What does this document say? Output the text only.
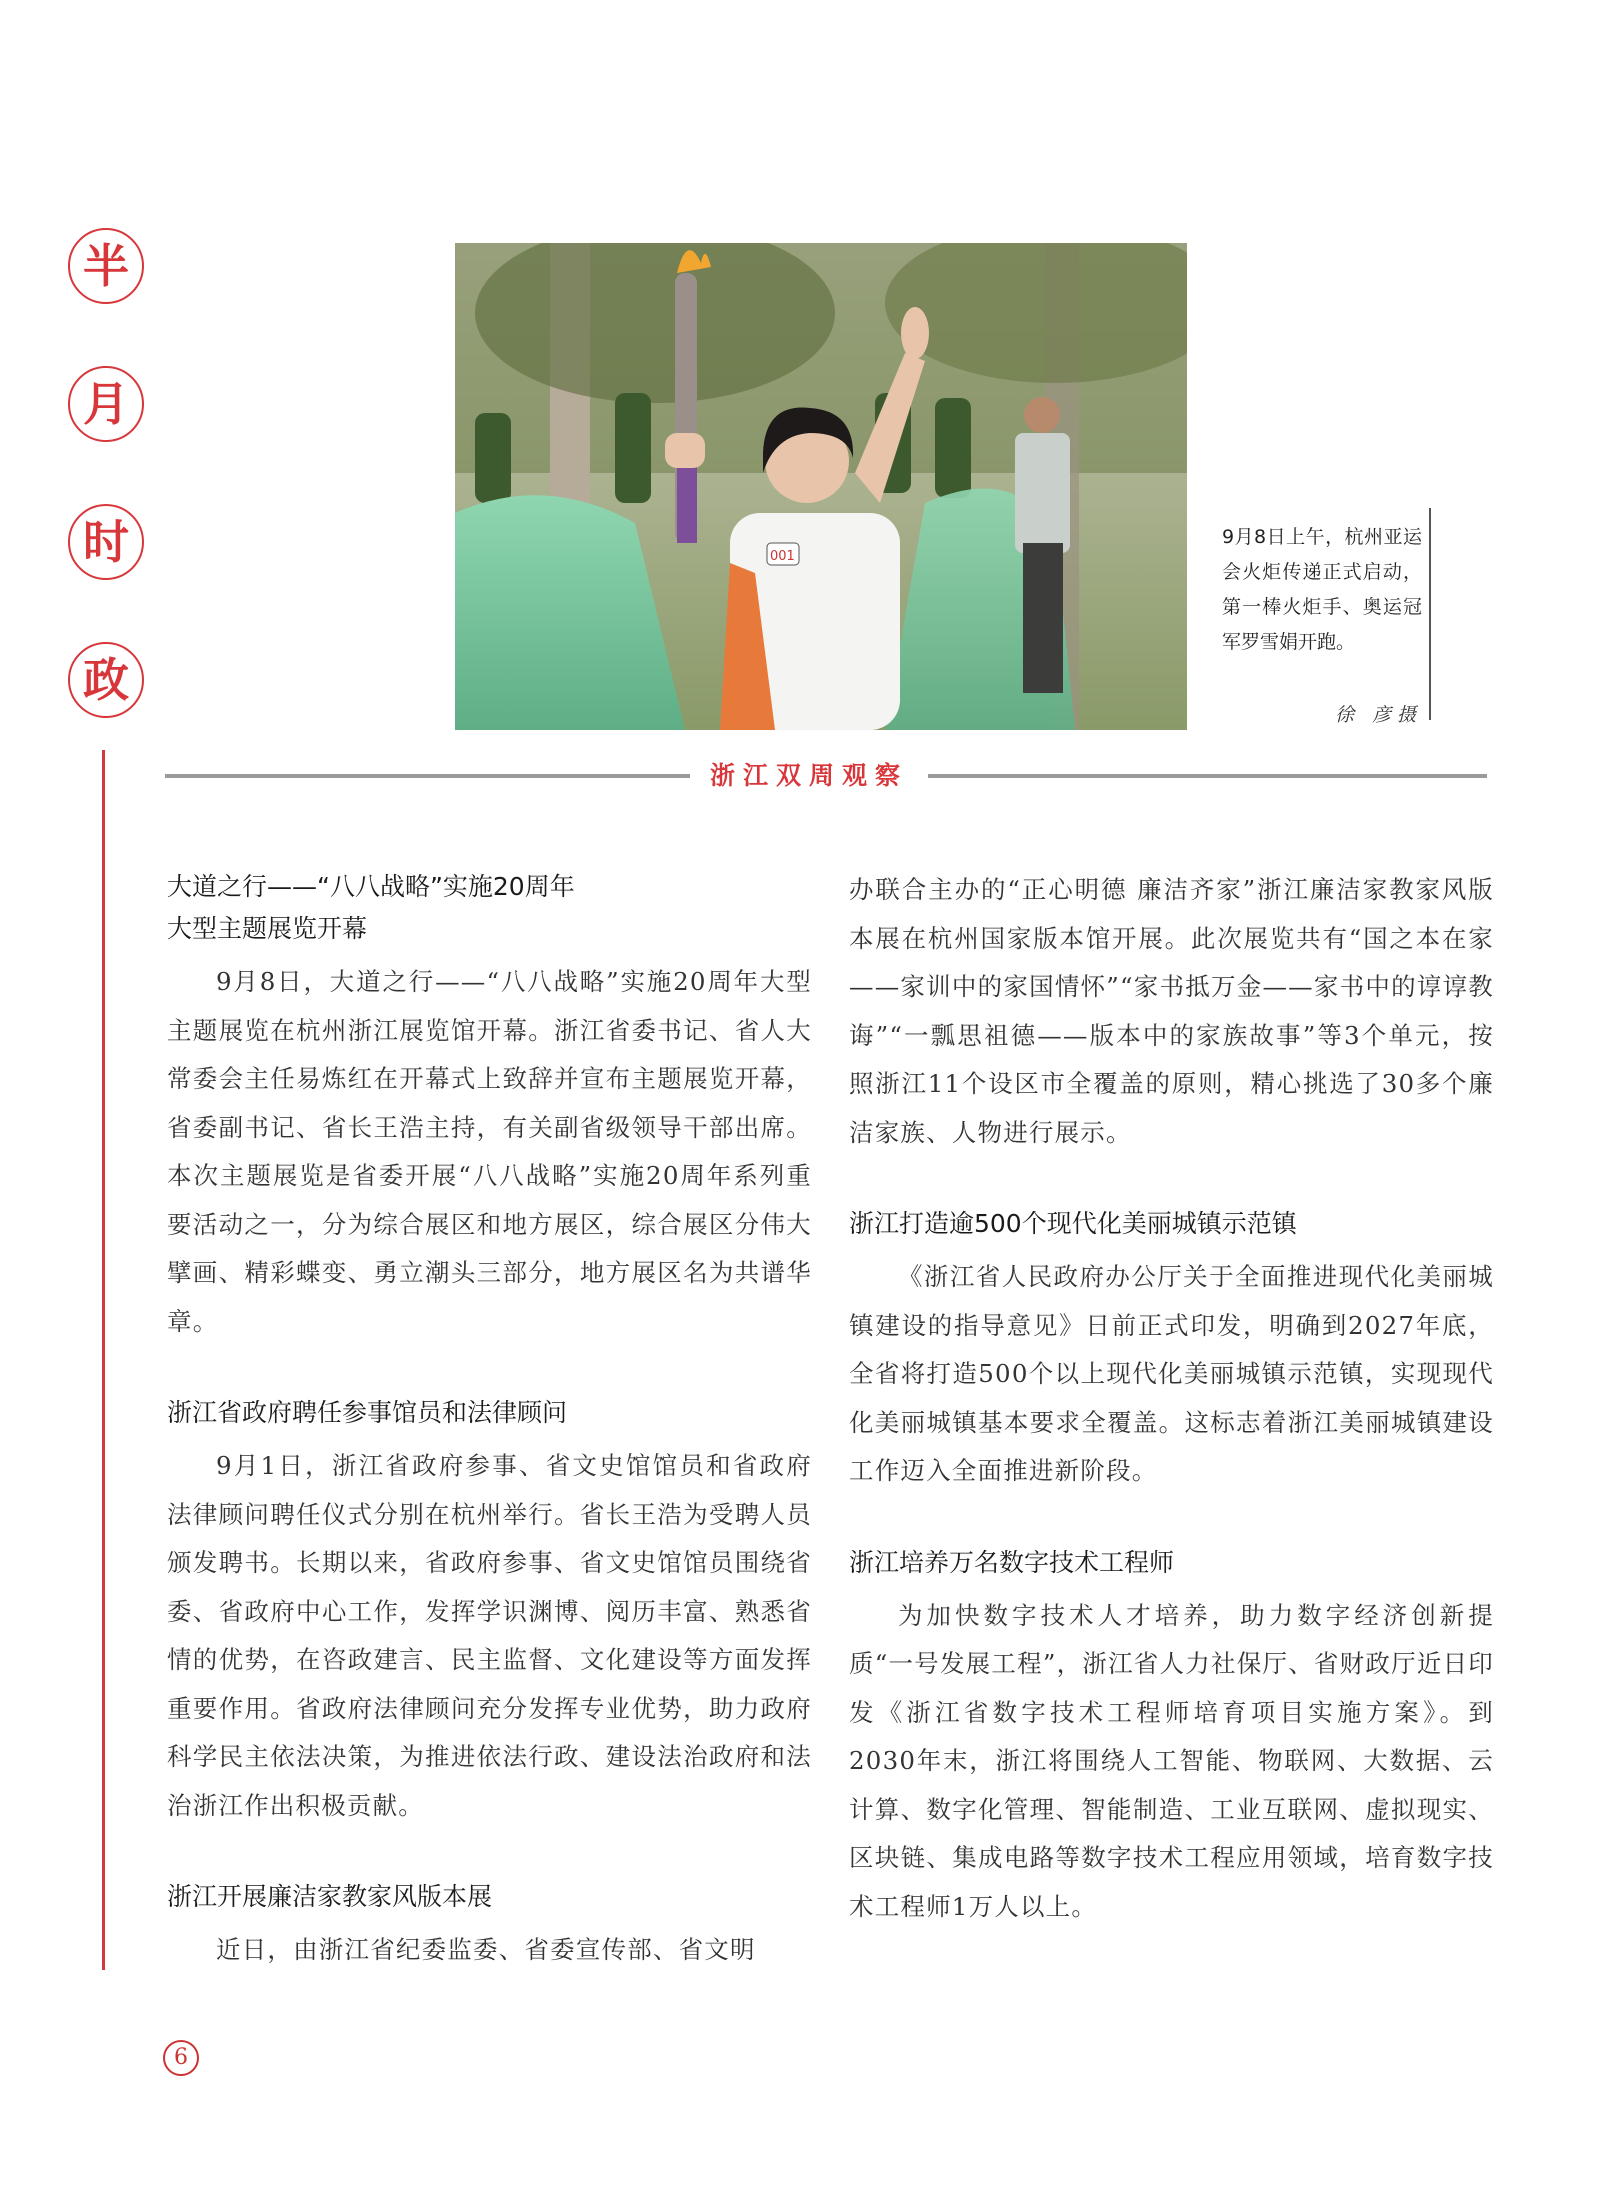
半
月
时
政
001
9月8日上午，杭州亚运会火炬传递正式启动，第一棒火炬手、奥运冠军罗雪娟开跑。
徐 彦摄
浙江双周观察
大道之行——“八八战略”实施20周年
大型主题展览开幕

9月8日，大道之行——“八八战略”实施20周年大型主题展览在杭州浙江展览馆开幕。浙江省委书记、省人大常委会主任易炼红在开幕式上致辞并宣布主题展览开幕，省委副书记、省长王浩主持，有关副省级领导干部出席。本次主题展览是省委开展“八八战略”实施20周年系列重要活动之一，分为综合展区和地方展区，综合展区分伟大擘画、精彩蝶变、勇立潮头三部分，地方展区名为共谱华章。

浙江省政府聘任参事馆员和法律顾问

9月1日，浙江省政府参事、省文史馆馆员和省政府法律顾问聘任仪式分别在杭州举行。省长王浩为受聘人员颁发聘书。长期以来，省政府参事、省文史馆馆员围绕省委、省政府中心工作，发挥学识渊博、阅历丰富、熟悉省情的优势，在咨政建言、民主监督、文化建设等方面发挥重要作用。省政府法律顾问充分发挥专业优势，助力政府科学民主依法决策，为推进依法行政、建设法治政府和法治浙江作出积极贡献。

浙江开展廉洁家教家风版本展

近日，由浙江省纪委监委、省委宣传部、省文明

办联合主办的“正心明德 廉洁齐家”浙江廉洁家教家风版本展在杭州国家版本馆开展。此次展览共有“国之本在家——家训中的家国情怀”“家书抵万金——家书中的谆谆教诲”“一瓢思祖德——版本中的家族故事”等3个单元，按照浙江11个设区市全覆盖的原则，精心挑选了30多个廉洁家族、人物进行展示。

浙江打造逾500个现代化美丽城镇示范镇

《浙江省人民政府办公厅关于全面推进现代化美丽城镇建设的指导意见》日前正式印发，明确到2027年底，全省将打造500个以上现代化美丽城镇示范镇，实现现代化美丽城镇基本要求全覆盖。这标志着浙江美丽城镇建设工作迈入全面推进新阶段。

浙江培养万名数字技术工程师

为加快数字技术人才培养，助力数字经济创新提质“一号发展工程”，浙江省人力社保厅、省财政厅近日印发《浙江省数字技术工程师培育项目实施方案》。到2030年末，浙江将围绕人工智能、物联网、大数据、云计算、数字化管理、智能制造、工业互联网、虚拟现实、区块链、集成电路等数字技术工程应用领域，培育数字技术工程师1万人以上。

6
